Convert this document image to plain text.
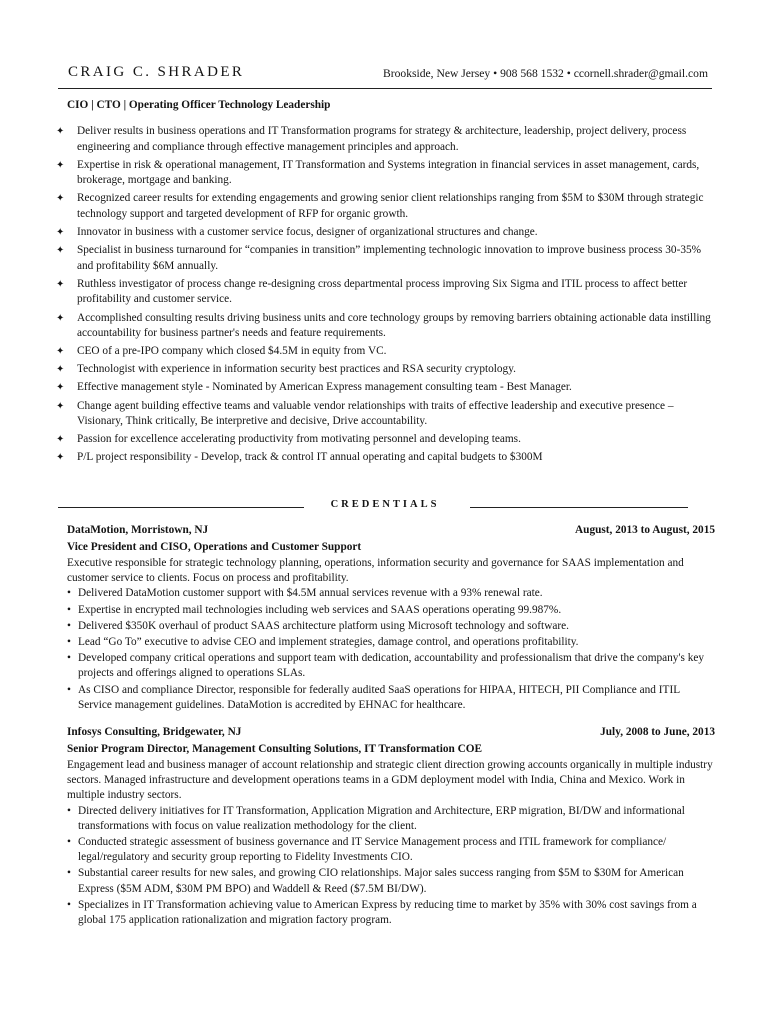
CRAIG C. SHRADER	Brookside, New Jersey • 908 568 1532 • ccornell.shrader@gmail.com
CIO | CTO | Operating Officer Technology Leadership
✦ Deliver results in business operations and IT Transformation programs for strategy & architecture, leadership, project delivery, process engineering and compliance through effective management principles and approach.
✦ Expertise in risk & operational management, IT Transformation and Systems integration in financial services in asset management, cards, brokerage, mortgage and banking.
✦ Recognized career results for extending engagements and growing senior client relationships ranging from $5M to $30M through strategic technology support and targeted development of RFP for organic growth.
✦ Innovator in business with a customer service focus, designer of organizational structures and change.
✦ Specialist in business turnaround for “companies in transition” implementing technologic innovation to improve business process 30-35% and profitability $6M annually.
✦ Ruthless investigator of process change re-designing cross departmental process improving Six Sigma and ITIL process to affect better profitability and customer service.
✦ Accomplished consulting results driving business units and core technology groups by removing barriers obtaining actionable data instilling accountability for business partner's needs and feature requirements.
✦ CEO of a pre-IPO company which closed $4.5M in equity from VC.
✦ Technologist with experience in information security best practices and RSA security cryptology.
✦ Effective management style - Nominated by American Express management consulting team - Best Manager.
✦ Change agent building effective teams and valuable vendor relationships with traits of effective leadership and executive presence – Visionary, Think critically, Be interpretive and decisive, Drive accountability.
✦ Passion for excellence accelerating productivity from motivating personnel and developing teams.
✦ P/L project responsibility - Develop, track & control IT annual operating and capital budgets to $300M
CREDENTIALS
DataMotion, Morristown, NJ	August, 2013 to August, 2015
Vice President and CISO, Operations and Customer Support
Executive responsible for strategic technology planning, operations, information security and governance for SAAS implementation and customer service to clients. Focus on process and profitability.
• Delivered DataMotion customer support with $4.5M annual services revenue with a 93% renewal rate.
• Expertise in encrypted mail technologies including web services and SAAS operations operating 99.987%.
• Delivered $350K overhaul of product SAAS architecture platform using Microsoft technology and software.
• Lead “Go To” executive to advise CEO and implement strategies, damage control, and operations profitability.
• Developed company critical operations and support team with dedication, accountability and professionalism that drive the company's key projects and offerings aligned to operations SLAs.
• As CISO and compliance Director, responsible for federally audited SaaS operations for HIPAA, HITECH, PII Compliance and ITIL Service management guidelines. DataMotion is accredited by EHNAC for healthcare.
Infosys Consulting, Bridgewater, NJ	July, 2008 to June, 2013
Senior Program Director, Management Consulting Solutions, IT Transformation COE
Engagement lead and business manager of account relationship and strategic client direction growing accounts organically in multiple industry sectors. Managed infrastructure and development operations teams in a GDM deployment model with India, China and Mexico. Work in multiple industry sectors.
• Directed delivery initiatives for IT Transformation, Application Migration and Architecture, ERP migration, BI/DW and informational transformations with focus on value realization methodology for the client.
• Conducted strategic assessment of business governance and IT Service Management process and ITIL framework for compliance/ legal/regulatory and security group reporting to Fidelity Investments CIO.
• Substantial career results for new sales, and growing CIO relationships. Major sales success ranging from $5M to $30M for American Express ($5M ADM, $30M PM BPO) and Waddell & Reed ($7.5M BI/DW).
• Specializes in IT Transformation achieving value to American Express by reducing time to market by 35% with 30% cost savings from a global 175 application rationalization and migration factory program.
